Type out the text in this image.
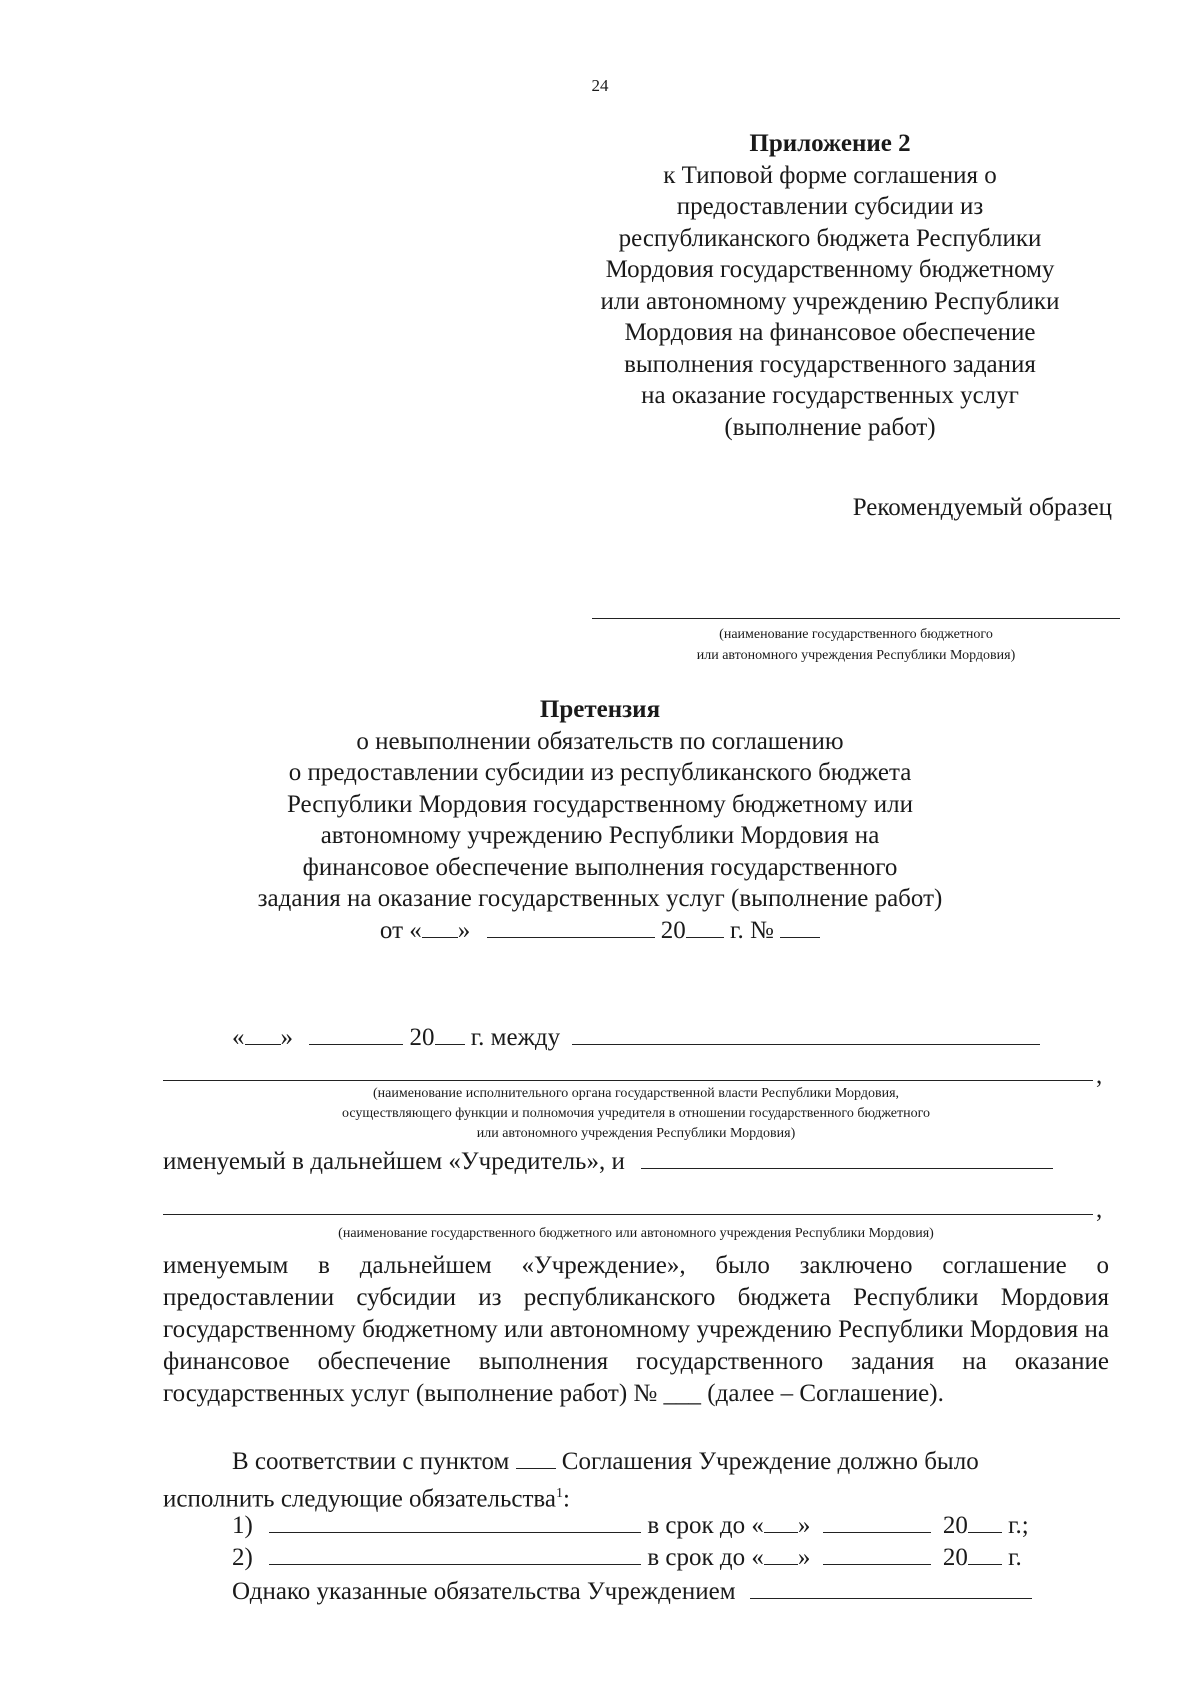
24
Приложение 2
к Типовой форме соглашения о
предоставлении субсидии из
республиканского бюджета Республики
Мордовия государственному бюджетному
или автономному учреждению Республики
Мордовия на финансовое обеспечение
выполнения государственного задания
на оказание государственных услуг
(выполнение работ)
Рекомендуемый образец
(наименование государственного бюджетного
или автономного учреждения Республики Мордовия)
Претензия
о невыполнении обязательств по соглашению
о предоставлении субсидии из республиканского бюджета
Республики Мордовия государственному бюджетному или
автономному учреждению Республики Мордовия на
финансовое обеспечение выполнения государственного
задания на оказание государственных услуг (выполнение работ)
от « »	20 г. №
« »	20 г. между
,
(наименование исполнительного органа государственной власти Республики Мордовия,
осуществляющего функции и полномочия учредителя в отношении государственного бюджетного
или автономного учреждения Республики Мордовия)
именуемый в дальнейшем «Учредитель», и
,
(наименование государственного бюджетного или автономного учреждения Республики Мордовия)
именуемым в дальнейшем «Учреждение», было заключено соглашение о предоставлении субсидии из республиканского бюджета Республики Мордовия государственному бюджетному или автономному учреждению Республики Мордовия на финансовое обеспечение выполнения государственного задания на оказание государственных услуг (выполнение работ) № ___ (далее – Соглашение).
В соответствии с пунктом Соглашения Учреждение должно было
исполнить следующие обязательства$^1$:
1)	в срок до « »	20 г.;
2)	в срок до « »	20 г.
Однако указанные обязательства Учреждением
